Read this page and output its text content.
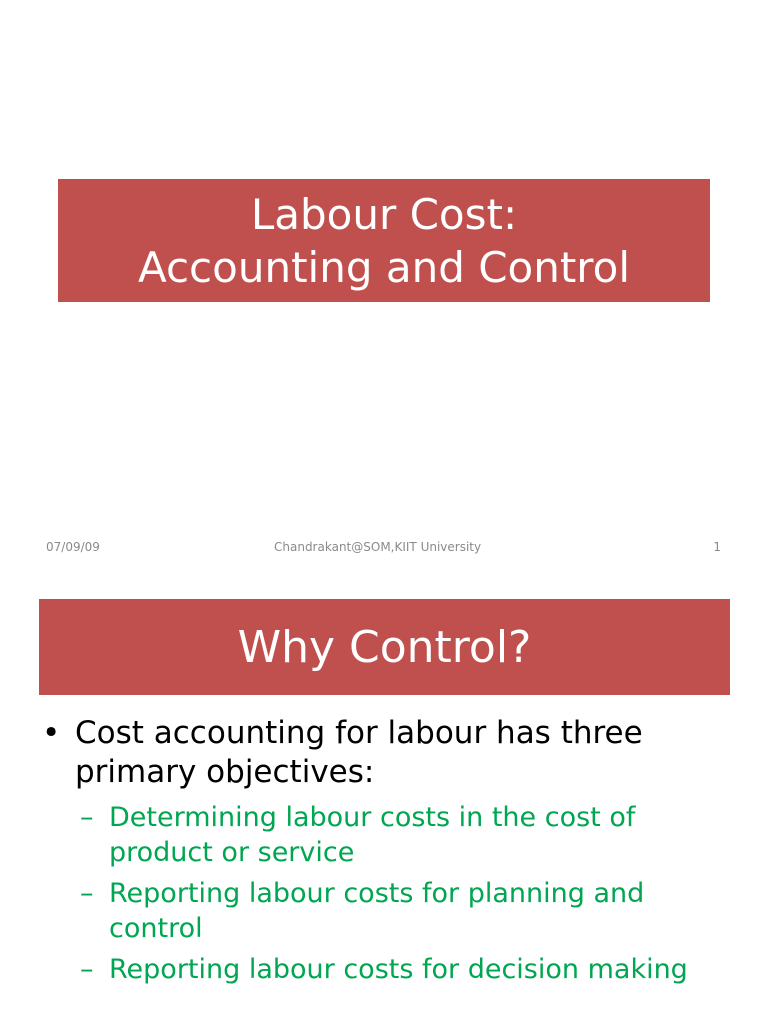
Labour Cost:
Accounting and Control
07/09/09	Chandrakant@SOM,KIIT University	1
Why Control?
• Cost accounting for labour has three primary objectives:
– Determining labour costs in the cost of product or service
– Reporting labour costs for planning and control
– Reporting labour costs for decision making
